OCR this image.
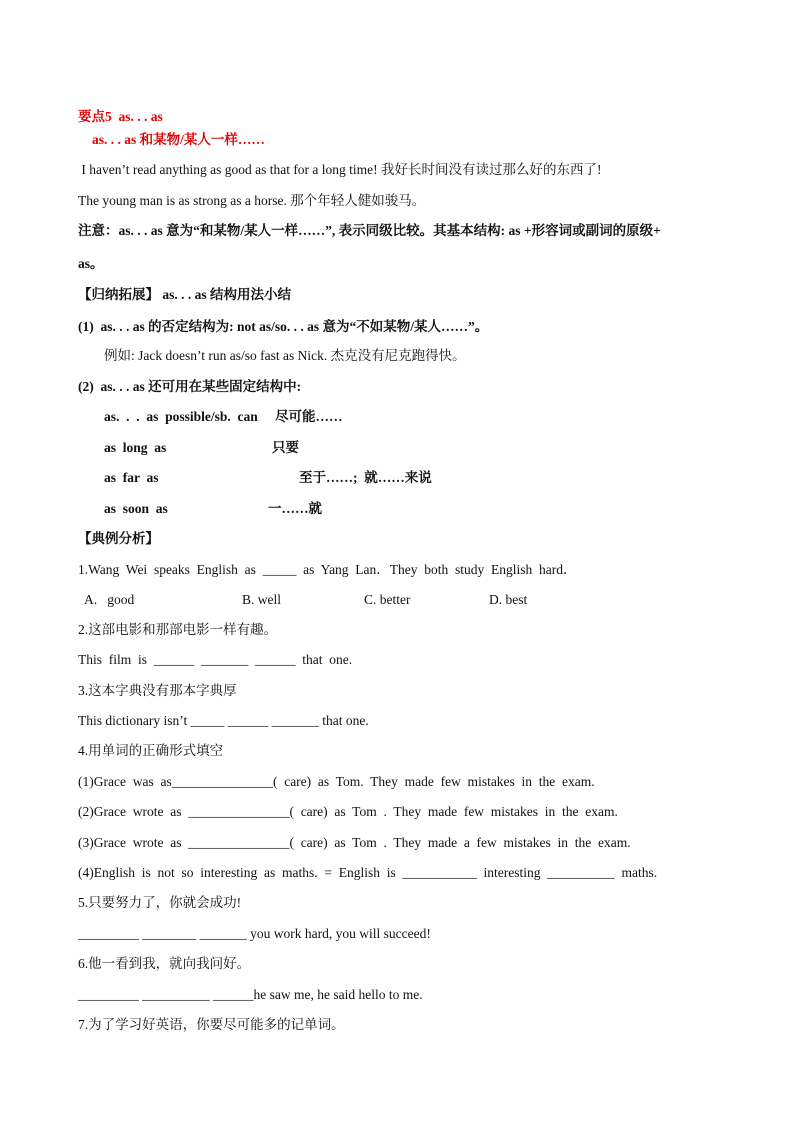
要点5  as. . . as
as. . . as 和某物/某人一样……
I haven’t read anything as good as that for a long time! 我好长时间没有读过那么好的东西了!
The young man is as strong as a horse. 那个年轻人健如骏马。
注意：as. . . as 意为“和某物/某人一样……”, 表示同级比较。其基本结构: as +形容词或副词的原级+
as。
【归纳拓展】 as. . . as 结构用法小结
(1)  as. . . as 的否定结构为: not as/so. . . as 意为“不如某物/某人……”。
例如: Jack doesn’t run as/so fast as Nick. 杰克没有尼克跑得快。
(2)  as. . . as 还可用在某些固定结构中:
as.  .  .  as  possible/sb.  can 尽可能……
as  long  as	只要
as  far  as	至于……;  就……来说
as  soon  as	一……就
【典例分析】
1.Wang  Wei  speaks  English  as  _____  as  Yang  Lan．They  both  study  English  hard．
A.   good	B. well	C. better	D. best
2.这部电影和那部电影一样有趣。
This  film  is  ______  _______  ______  that  one.
3.这本字典没有那本字典厚
This dictionary isn’t _____ ______ _______ that one.
4.用单词的正确形式填空
(1)Grace  was  as_______________(  care)  as  Tom.  They  made  few  mistakes  in  the  exam.
(2)Grace  wrote  as  _______________(  care)  as  Tom  .  They  made  few  mistakes  in  the  exam.
(3)Grace  wrote  as  _______________(  care)  as  Tom  .  They  made  a  few  mistakes  in  the  exam.
(4)English  is  not  so  interesting  as  maths.  =  English  is  ___________  interesting  __________  maths.
5.只要努力了，你就会成功!
_________ ________ _______ you work hard, you will succeed!
6.他一看到我，就向我问好。
_________ __________ ______he saw me, he said hello to me.
7.为了学习好英语，你要尽可能多的记单词。
